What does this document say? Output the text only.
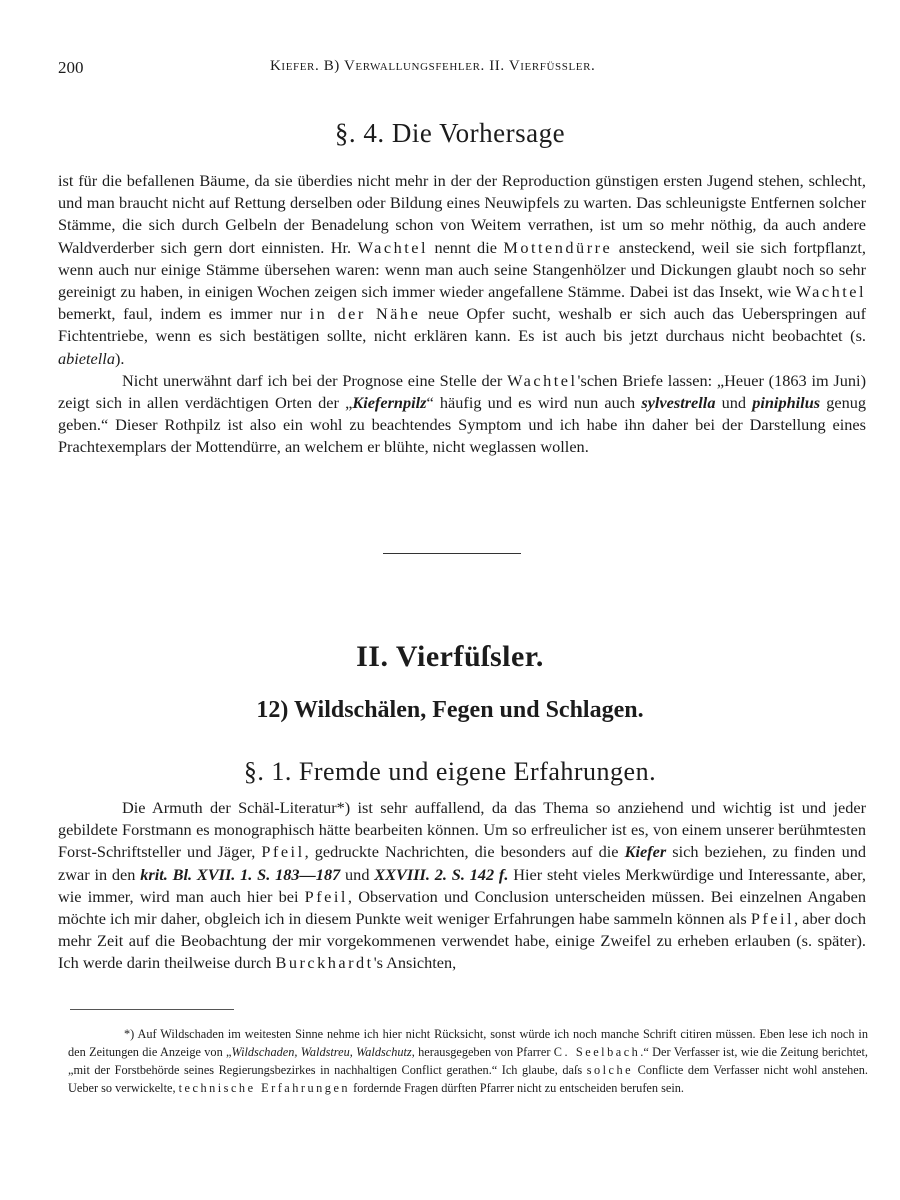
200	Kiefer. B) Verwallungsfehler. II. Vierfüssler.
§. 4. Die Vorhersage

ist für die befallenen Bäume, da sie überdies nicht mehr in der der Reproduction günstigen ersten Jugend stehen, schlecht, und man braucht nicht auf Rettung derselben oder Bildung eines Neuwipfels zu warten. Das schleunigste Entfernen solcher Stämme, die sich durch Gelbeln der Benadelung schon von Weitem verrathen, ist um so mehr nöthig, da auch andere Waldverderber sich gern dort einnisten. Hr. Wachtel nennt die Mottendürre ansteckend, weil sie sich fortpflanzt, wenn auch nur einige Stämme übersehen waren: wenn man auch seine Stangenhölzer und Dickungen glaubt noch so sehr gereinigt zu haben, in einigen Wochen zeigen sich immer wieder angefallene Stämme. Dabei ist das Insekt, wie Wachtel bemerkt, faul, indem es immer nur in der Nähe neue Opfer sucht, weshalb er sich auch das Ueberspringen auf Fichtentriebe, wenn es sich bestätigen sollte, nicht erklären kann. Es ist auch bis jetzt durchaus nicht beobachtet (s. abietella).

Nicht unerwähnt darf ich bei der Prognose eine Stelle der Wachtel'schen Briefe lassen: „Heuer (1863 im Juni) zeigt sich in allen verdächtigen Orten der „Kiefernpilz“ häufig und es wird nun auch sylvestrella und piniphilus genug geben.“ Dieser Rothpilz ist also ein wohl zu beachtendes Symptom und ich habe ihn daher bei der Darstellung eines Prachtexemplars der Mottendürre, an welchem er blühte, nicht weglassen wollen.

II. Vierfüſsler.
12) Wildschälen, Fegen und Schlagen.
§. 1. Fremde und eigene Erfahrungen.

Die Armuth der Schäl-Literatur*) ist sehr auffallend, da das Thema so anziehend und wichtig ist und jeder gebildete Forstmann es monographisch hätte bearbeiten können. Um so erfreulicher ist es, von einem unserer berühmtesten Forst-Schriftsteller und Jäger, Pfeil, gedruckte Nachrichten, die besonders auf die Kiefer sich beziehen, zu finden und zwar in den krit. Bl. XVII. 1. S. 183—187 und XXVIII. 2. S. 142 f. Hier steht vieles Merkwürdige und Interessante, aber, wie immer, wird man auch hier bei Pfeil, Observation und Conclusion unterscheiden müssen. Bei einzelnen Angaben möchte ich mir daher, obgleich ich in diesem Punkte weit weniger Erfahrungen habe sammeln können als Pfeil, aber doch mehr Zeit auf die Beobachtung der mir vorgekommenen verwendet habe, einige Zweifel zu erheben erlauben (s. später). Ich werde darin theilweise durch Burckhardt's Ansichten,

*) Auf Wildschaden im weitesten Sinne nehme ich hier nicht Rücksicht, sonst würde ich noch manche Schrift citiren müssen. Eben lese ich noch in den Zeitungen die Anzeige von „Wildschaden, Waldstreu, Waldschutz, herausgegeben von Pfarrer C. Seelbach.“ Der Verfasser ist, wie die Zeitung berichtet, „mit der Forstbehörde seines Regierungsbezirkes in nachhaltigen Conflict gerathen.“ Ich glaube, daſs solche Conflicte dem Verfasser nicht wohl anstehen. Ueber so verwickelte, technische Erfahrungen fordernde Fragen dürften Pfarrer nicht zu entscheiden berufen sein.
